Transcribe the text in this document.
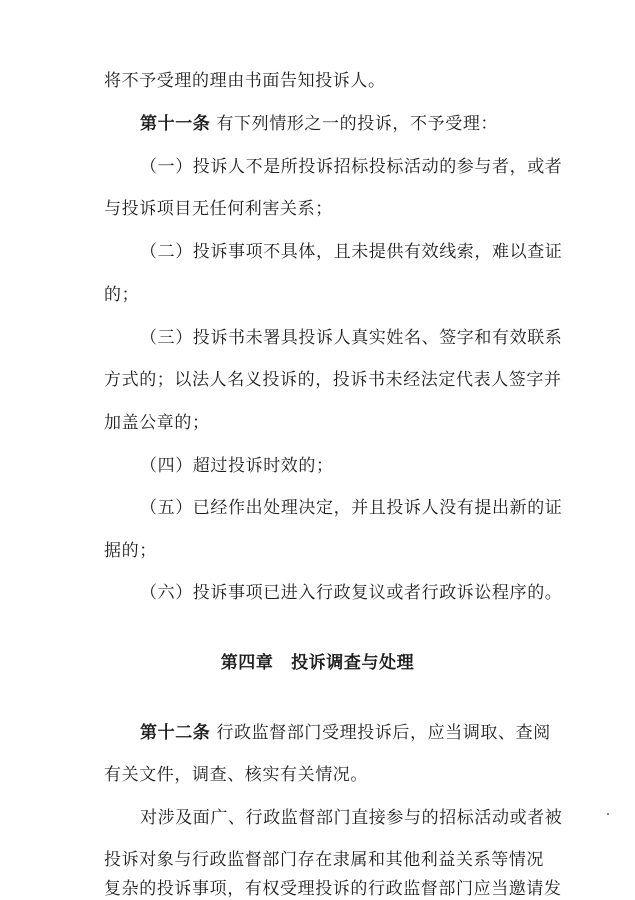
将不予受理的理由书面告知投诉人。
第十一条 有下列情形之一的投诉，不予受理：
（一）投诉人不是所投诉招标投标活动的参与者，或者
与投诉项目无任何利害关系；
（二）投诉事项不具体，且未提供有效线索，难以查证
的；
（三）投诉书未署具投诉人真实姓名、签字和有效联系
方式的；以法人名义投诉的，投诉书未经法定代表人签字并
加盖公章的；
（四）超过投诉时效的；
（五）已经作出处理决定，并且投诉人没有提出新的证
据的；
（六）投诉事项已进入行政复议或者行政诉讼程序的。
第四章　投诉调查与处理
第十二条 行政监督部门受理投诉后，应当调取、查阅
有关文件，调查、核实有关情况。
对涉及面广、行政监督部门直接参与的招标活动或者被
投诉对象与行政监督部门存在隶属和其他利益关系等情况
复杂的投诉事项，有权受理投诉的行政监督部门应当邀请发
